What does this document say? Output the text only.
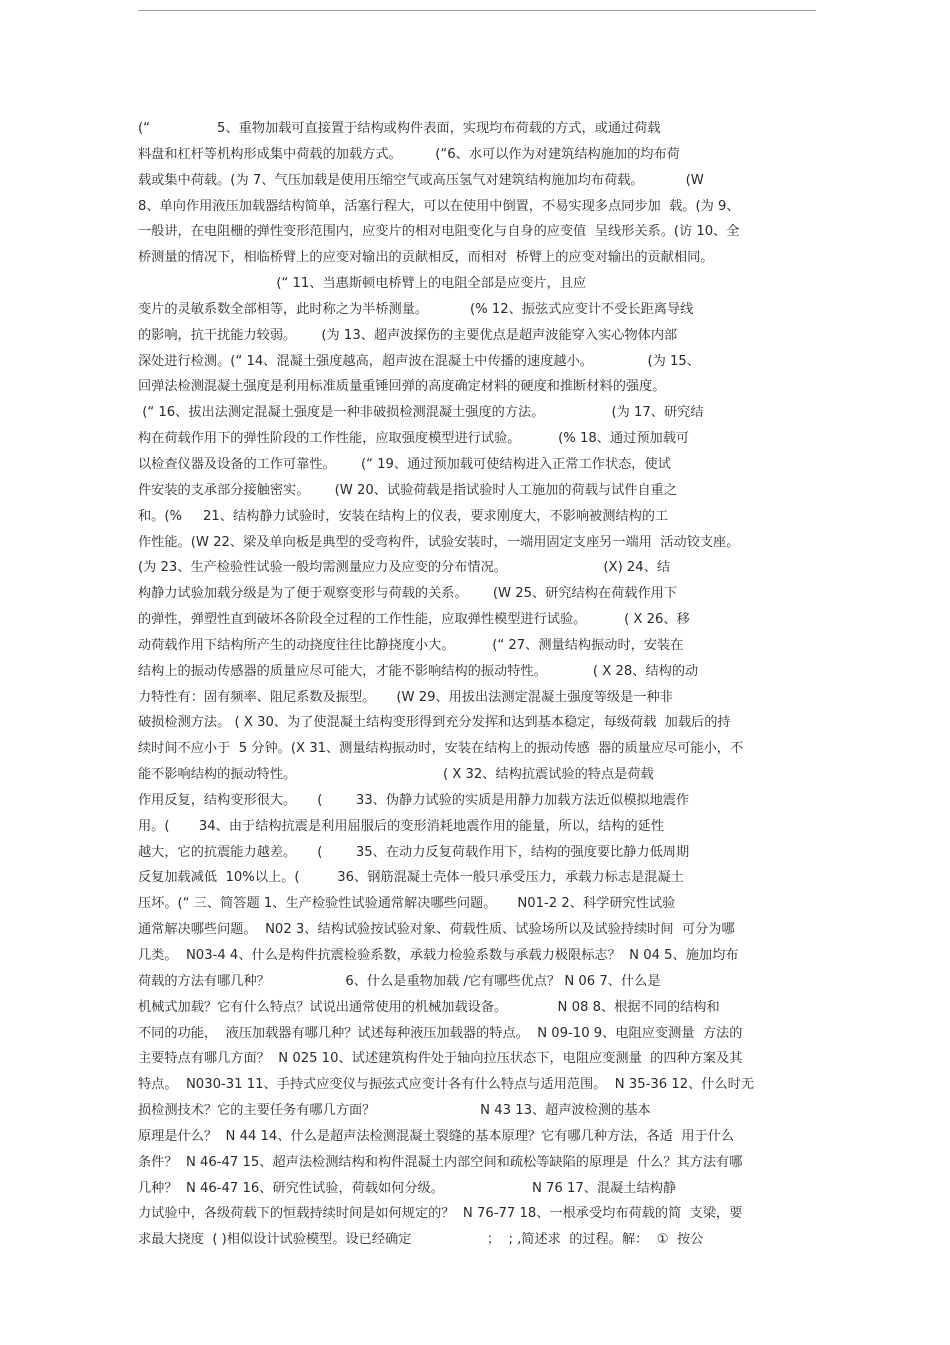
(“                5、重物加载可直接置于结构或构件表面，实现均布荷载的方式，或通过荷载
料盘和杠杆等机构形成集中荷载的加载方式。        (“6、水可以作为对建筑结构施加的均布荷
载或集中荷载。(为 7、气压加载是使用压缩空气或高压氢气对建筑结构施加均布荷载。          (W
8、单向作用液压加载器结构简单，活塞行程大，可以在使用中倒置，不易实现多点同步加  载。(为 9、
一般讲，在电阻栅的弹性变形范围内，应变片的相对电阻变化与自身的应变值  呈线形关系。(访 10、全
桥测量的情况下，相临桥臂上的应变对输出的贡献相反，而相对  桥臂上的应变对输出的贡献相同。
(“ 11、当惠斯顿电桥臂上的电阻全部是应变片，且应
变片的灵敏系数全部相等，此时称之为半桥测量。          (% 12、振弦式应变计不受长距离导线
的影响，抗干扰能力较弱。      (为 13、超声波探伤的主要优点是超声波能穿入实心物体内部
深处进行检测。(“ 14、混凝土强度越高，超声波在混凝土中传播的速度越小。             (为 15、
回弹法检测混凝土强度是利用标准质量重锤回弹的高度确定材料的硬度和推断材料的强度。
(“ 16、拔出法测定混凝土强度是一种非破损检测混凝土强度的方法。                (为 17、研究结
构在荷载作用下的弹性阶段的工作性能，应取强度模型进行试验。         (% 18、通过预加载可
以检查仪器及设备的工作可靠性。      (“ 19、通过预加载可使结构进入正常工作状态，使试
件安装的支承部分接触密实。      (W 20、试验荷载是指试验时人工施加的荷载与试件自重之
和。(%     21、结构静力试验时，安装在结构上的仪表，要求刚度大，不影响被测结构的工
作性能。(W 22、梁及单向板是典型的受弯构件，试验安装时，一端用固定支座另一端用  活动铰支座。
(为 23、生产检验性试验一般均需测量应力及应变的分布情况。                       (X) 24、结
构静力试验加载分级是为了便于观察变形与荷载的关系。      (W 25、研究结构在荷载作用下
的弹性，弹塑性直到破坏各阶段全过程的工作性能，应取弹性模型进行试验。         ( X 26、移
动荷载作用下结构所产生的动挠度往往比静挠度小大。         (“ 27、测量结构振动时，安装在
结构上的振动传感器的质量应尽可能大，才能不影响结构的振动特性。           ( X 28、结构的动
力特性有：固有频率、阻尼系数及振型。     (W 29、用拔出法测定混凝土强度等级是一种非
破损检测方法。 ( X 30、为了使混凝土结构变形得到充分发挥和达到基本稳定，每级荷载  加载后的持
续时间不应小于  5 分钟。(X 31、测量结构振动时，安装在结构上的振动传感  器的质量应尽可能小，不
能不影响结构的振动特性。                                   ( X 32、结构抗震试验的特点是荷载
作用反复，结构变形很大。     (        33、伪静力试验的实质是用静力加载方法近似模拟地震作
用。(       34、由于结构抗震是利用屈服后的变形消耗地震作用的能量，所以，结构的延性
越大，它的抗震能力越差。     (        35、在动力反复荷载作用下，结构的强度要比静力低周期
反复加载减低  10%以上。(         36、钢筋混凝土壳体一般只承受压力，承载力标志是混凝土
压坏。(“ 三、简答题 1、生产检验性试验通常解决哪些问题。     N01-2 2、科学研究性试验
通常解决哪些问题。  N02 3、结构试验按试验对象、荷载性质、试验场所以及试验持续时间  可分为哪
几类。  N03-4 4、什么是构件抗震检验系数，承载力检验系数与承载力极限标志？  N 04 5、施加均布
荷载的方法有哪几种？                  6、什么是重物加载 /它有哪些优点？ N 06 7、什么是
机械式加载？它有什么特点？试说出通常使用的机械加载设备。            N 08 8、根据不同的结构和
不同的功能，  液压加载器有哪几种？试述每种液压加载器的特点。  N 09-10 9、电阻应变测量  方法的
主要特点有哪几方面？  N 025 10、试述建筑构件处于轴向拉压状态下，电阻应变测量  的四种方案及其
特点。  N030-31 11、手持式应变仪与振弦式应变计各有什么特点与适用范围。  N 35-36 12、什么时无
损检测技术？它的主要任务有哪几方面？                         N 43 13、超声波检测的基本
原理是什么？  N 44 14、什么是超声法检测混凝土裂缝的基本原理？它有哪几种方法，各适  用于什么
条件？  N 46-47 15、超声法检测结构和构件混凝土内部空间和疏松等缺陷的原理是  什么？其方法有哪
几种？  N 46-47 16、研究性试验，荷载如何分级。                     N 76 17、混凝土结构静
力试验中，各级荷载下的恒载持续时间是如何规定的？  N 76-77 18、一根承受均布荷载的简  支梁，要
求最大挠度  ( )相似设计试验模型。设已经确定                  ；  ; ,简述求  的过程。解：  ①  按公
